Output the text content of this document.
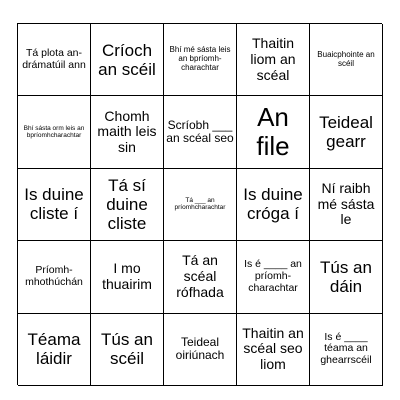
Tá plota an-drámatúil ann
Críoch an scéil
Bhí mé sásta leis an bpríomh-charachtar
Thaitin liom an scéal
Buaicphointe an scéil
Bhí sásta orm leis an bpríomhcharachtar
Chomh maith leis sin
Scríobh ___ an scéal seo
An file
Teideal gearr
Is duine cliste í
Tá sí duine cliste
Tá ___ an príomhcharachtar
Is duine cróga í
Ní raibh mé sásta le
Príomh-mhothúchán
I mo thuairim
Tá an scéal rófhada
Is é ____ an príomh-charachtar
Tús an dáin
Téama láidir
Tús an scéil
Teideal oiriúnach
Thaitin an scéal seo liom
Is é ____ téama an ghearrscéil
